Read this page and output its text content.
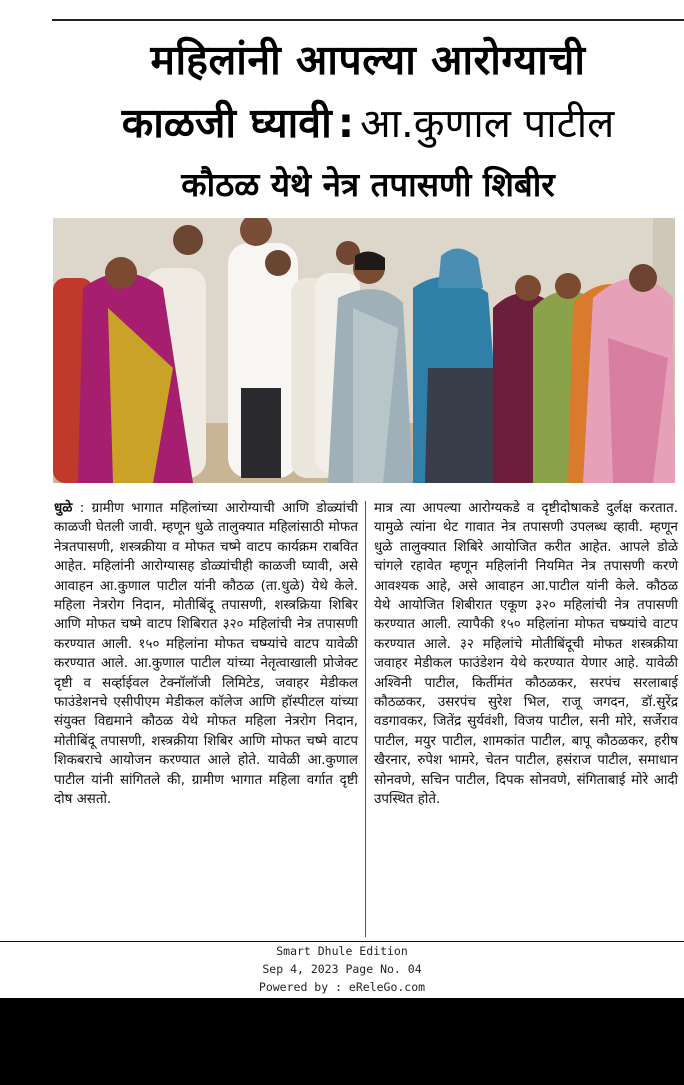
महिलांनी आपल्या आरोग्याची
काळजी घ्यावी : आ.कुणाल पाटील
कौठळ येथे नेत्र तपासणी शिबीर

धुळे : ग्रामीण भागात महिलांच्या आरोग्याची आणि डोळ्यांची काळजी घेतली जावी. म्हणून धुळे तालुक्यात महिलांसाठी मोफत नेत्रतपासणी, शस्त्रक्रीया व मोफत चष्मे वाटप कार्यक्रम राबवित आहेत. महिलांनी आरोग्यासह डोळ्यांचीही काळजी घ्यावी, असे आवाहन आ.कुणाल पाटील यांनी कौठळ (ता.धुळे) येथे केले. महिला नेत्ररोग निदान, मोतीबिंदू तपासणी, शस्त्रक्रिया शिबिर आणि मोफत चष्मे वाटप शिबिरात ३२० महिलांची नेत्र तपासणी करण्यात आली. १५० महिलांना मोफत चष्म्यांचे वाटप यावेळी करण्यात आले. आ.कुणाल पाटील यांच्या नेतृत्वाखाली प्रोजेक्ट दृष्टी व सर्व्हाईवल टेक्नॉलॉजी लिमिटेड, जवाहर मेडीकल फाउंडेशनचे एसीपीएम मेडीकल कॉलेज आणि हॉस्पीटल यांच्या संयुक्त विद्यमाने कौठळ येथे मोफत महिला नेत्ररोग निदान, मोतीबिंदू तपासणी, शस्त्रक्रीया शिबिर आणि मोफत चष्मे वाटप शिकबराचे आयोजन करण्यात आले होते. यावेळी आ.कुणाल पाटील यांनी सांगितले की, ग्रामीण भागात महिला वर्गात दृष्टी दोष असतो.

मात्र त्या आपल्या आरोग्यकडे व दृष्टीदोषाकडे दुर्लक्ष करतात. यामुळे त्यांना थेट गावात नेत्र तपासणी उपलब्ध व्हावी. म्हणून धुळे तालुक्यात शिबिरे आयोजित करीत आहेत. आपले डोळे चांगले रहावेत म्हणून महिलांनी नियमित नेत्र तपासणी करणे आवश्यक आहे, असे आवाहन आ.पाटील यांनी केले. कौठळ येथे आयोजित शिबीरात एकूण ३२० महिलांची नेत्र तपासणी करण्यात आली. त्यापैकी १५० महिलांना मोफत चष्म्यांचे वाटप करण्यात आले. ३२ महिलांचे मोतीबिंदूची मोफत शस्त्रक्रीया जवाहर मेडीकल फाउंडेशन येथे करण्यात येणार आहे. यावेळी अश्विनी पाटील, किर्तीमंत कौठळकर, सरपंच सरलाबाई कौठळकर, उसरपंच सुरेश भिल, राजू जगदन, डॉ.सुरेंद्र वडगावकर, जितेंद्र सुर्यवंशी, विजय पाटील, सनी मोरे, सर्जेराव पाटील, मयुर पाटील, शामकांत पाटील, बापू कौठळकर, हरीष खैरनार, रुपेश भामरे, चेतन पाटील, हसंराज पाटील, समाधान सोनवणे, सचिन पाटील, दिपक सोनवणे, संगिताबाई मोरे आदी उपस्थित होते.

Smart Dhule Edition
Sep 4, 2023 Page No. 04
Powered by : eReleGo.com
